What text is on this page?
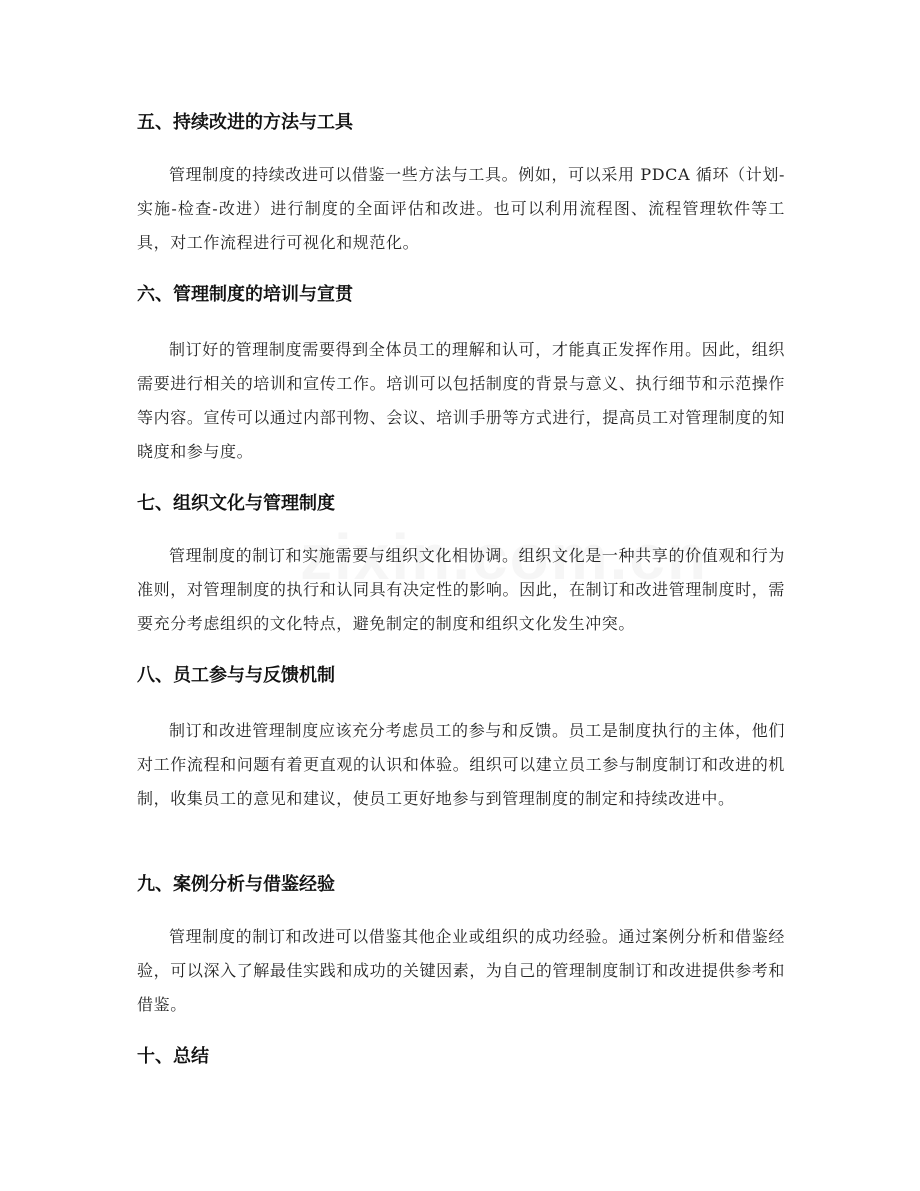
五、持续改进的方法与工具

管理制度的持续改进可以借鉴一些方法与工具。例如，可以采用 PDCA 循环（计划-实施-检查-改进）进行制度的全面评估和改进。也可以利用流程图、流程管理软件等工具，对工作流程进行可视化和规范化。

六、管理制度的培训与宣贯

制订好的管理制度需要得到全体员工的理解和认可，才能真正发挥作用。因此，组织需要进行相关的培训和宣传工作。培训可以包括制度的背景与意义、执行细节和示范操作等内容。宣传可以通过内部刊物、会议、培训手册等方式进行，提高员工对管理制度的知晓度和参与度。

七、组织文化与管理制度

管理制度的制订和实施需要与组织文化相协调。组织文化是一种共享的价值观和行为准则，对管理制度的执行和认同具有决定性的影响。因此，在制订和改进管理制度时，需要充分考虑组织的文化特点，避免制定的制度和组织文化发生冲突。

八、员工参与与反馈机制

制订和改进管理制度应该充分考虑员工的参与和反馈。员工是制度执行的主体，他们对工作流程和问题有着更直观的认识和体验。组织可以建立员工参与制度制订和改进的机制，收集员工的意见和建议，使员工更好地参与到管理制度的制定和持续改进中。

九、案例分析与借鉴经验

管理制度的制订和改进可以借鉴其他企业或组织的成功经验。通过案例分析和借鉴经验，可以深入了解最佳实践和成功的关键因素，为自己的管理制度制订和改进提供参考和借鉴。

十、总结
